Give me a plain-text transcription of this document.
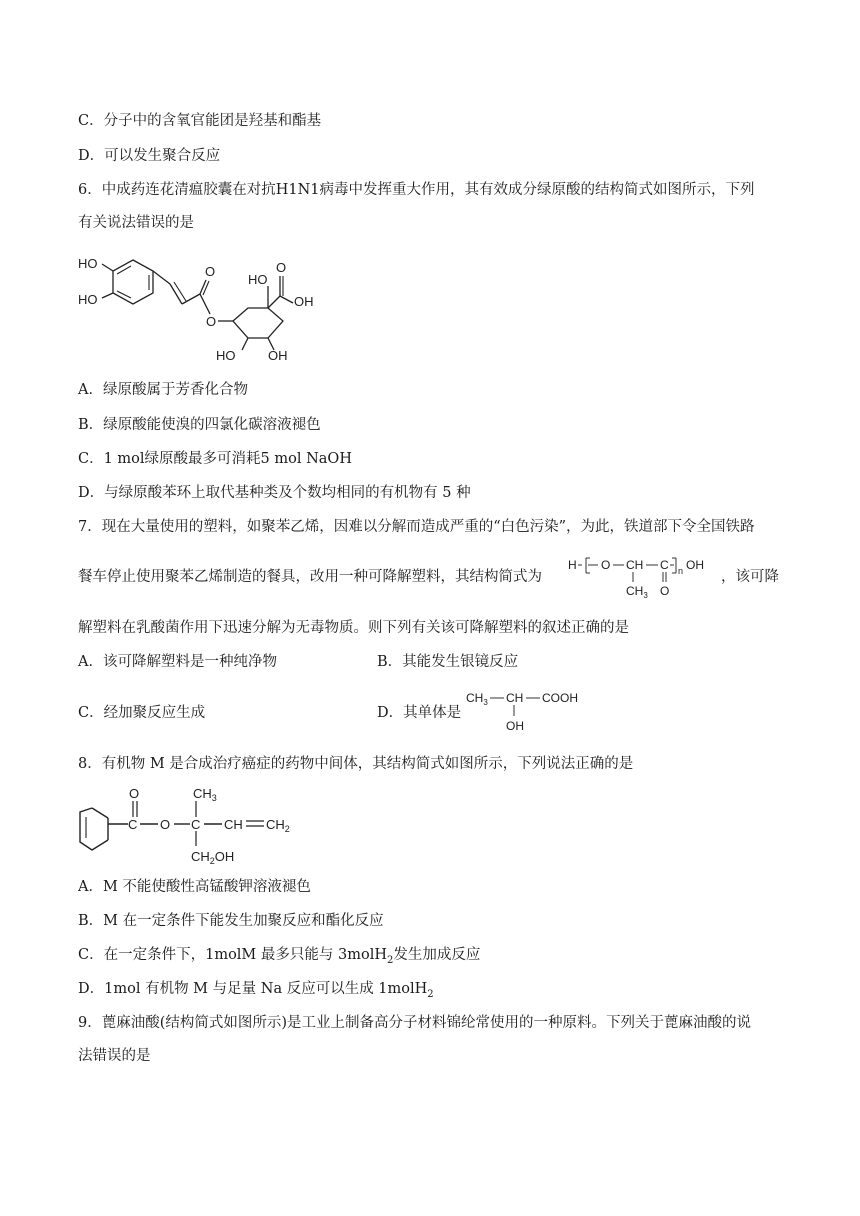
C．分子中的含氧官能团是羟基和酯基
D．可以发生聚合反应
6．中成药连花清瘟胶囊在对抗H1N1病毒中发挥重大作用，其有效成分绿原酸的结构简式如图所示，下列
有关说法错误的是
HO
HO
O
O
HO
O
OH
HO	OH
A．绿原酸属于芳香化合物
B．绿原酸能使溴的四氯化碳溶液褪色
C．1 mol绿原酸最多可消耗5 mol NaOH
D．与绿原酸苯环上取代基种类及个数均相同的有机物有 5 种
7．现在大量使用的塑料，如聚苯乙烯，因难以分解而造成严重的“白色污染”，为此，铁道部下令全国铁路
餐车停止使用聚苯乙烯制造的餐具，改用一种可降解塑料，其结构简式为
H O CH C n OH
$CH_3$ O
，该可降
解塑料在乳酸菌作用下迅速分解为无毒物质。则下列有关该可降解塑料的叙述正确的是
A．该可降解塑料是一种纯净物	B．其能发生银镜反应
C．经加聚反应生成	D．其单体是
$CH_3$ CH COOH
OH
8．有机物 M 是合成治疗癌症的药物中间体，其结构简式如图所示，下列说法正确的是
C
O
O C
$CH_3$
CH $CH_2$
$CH_2OH$
A．M 不能使酸性高锰酸钾溶液褪色
B．M 在一定条件下能发生加聚反应和酯化反应
C．在一定条件下，1molM 最多只能与 3molH$_2$发生加成反应
D．1mol 有机物 M 与足量 Na 反应可以生成 1molH$_2$
9．蓖麻油酸(结构简式如图所示)是工业上制备高分子材料锦纶常使用的一种原料。下列关于蓖麻油酸的说
法错误的是
